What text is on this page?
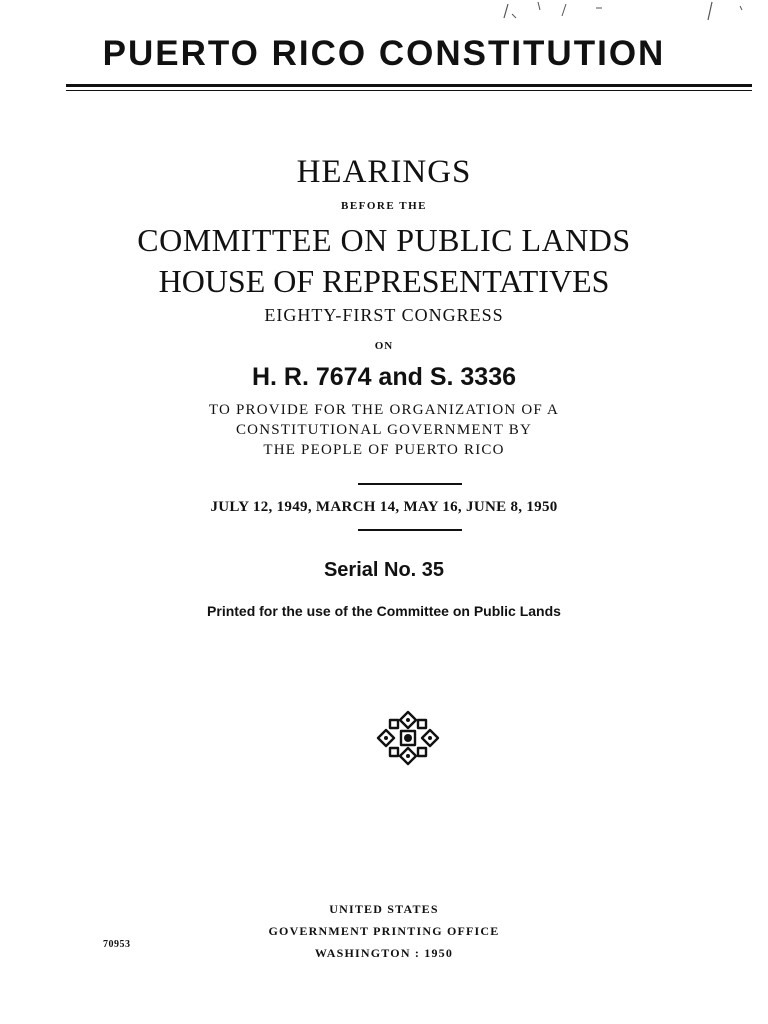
PUERTO RICO CONSTITUTION
HEARINGS
BEFORE THE
COMMITTEE ON PUBLIC LANDS
HOUSE OF REPRESENTATIVES
EIGHTY-FIRST CONGRESS
ON
H. R. 7674 and S. 3336
TO PROVIDE FOR THE ORGANIZATION OF A
CONSTITUTIONAL GOVERNMENT BY
THE PEOPLE OF PUERTO RICO
JULY 12, 1949, MARCH 14, MAY 16, JUNE 8, 1950
Serial No. 35
Printed for the use of the Committee on Public Lands
UNITED STATES
GOVERNMENT PRINTING OFFICE
WASHINGTON : 1950
70953
